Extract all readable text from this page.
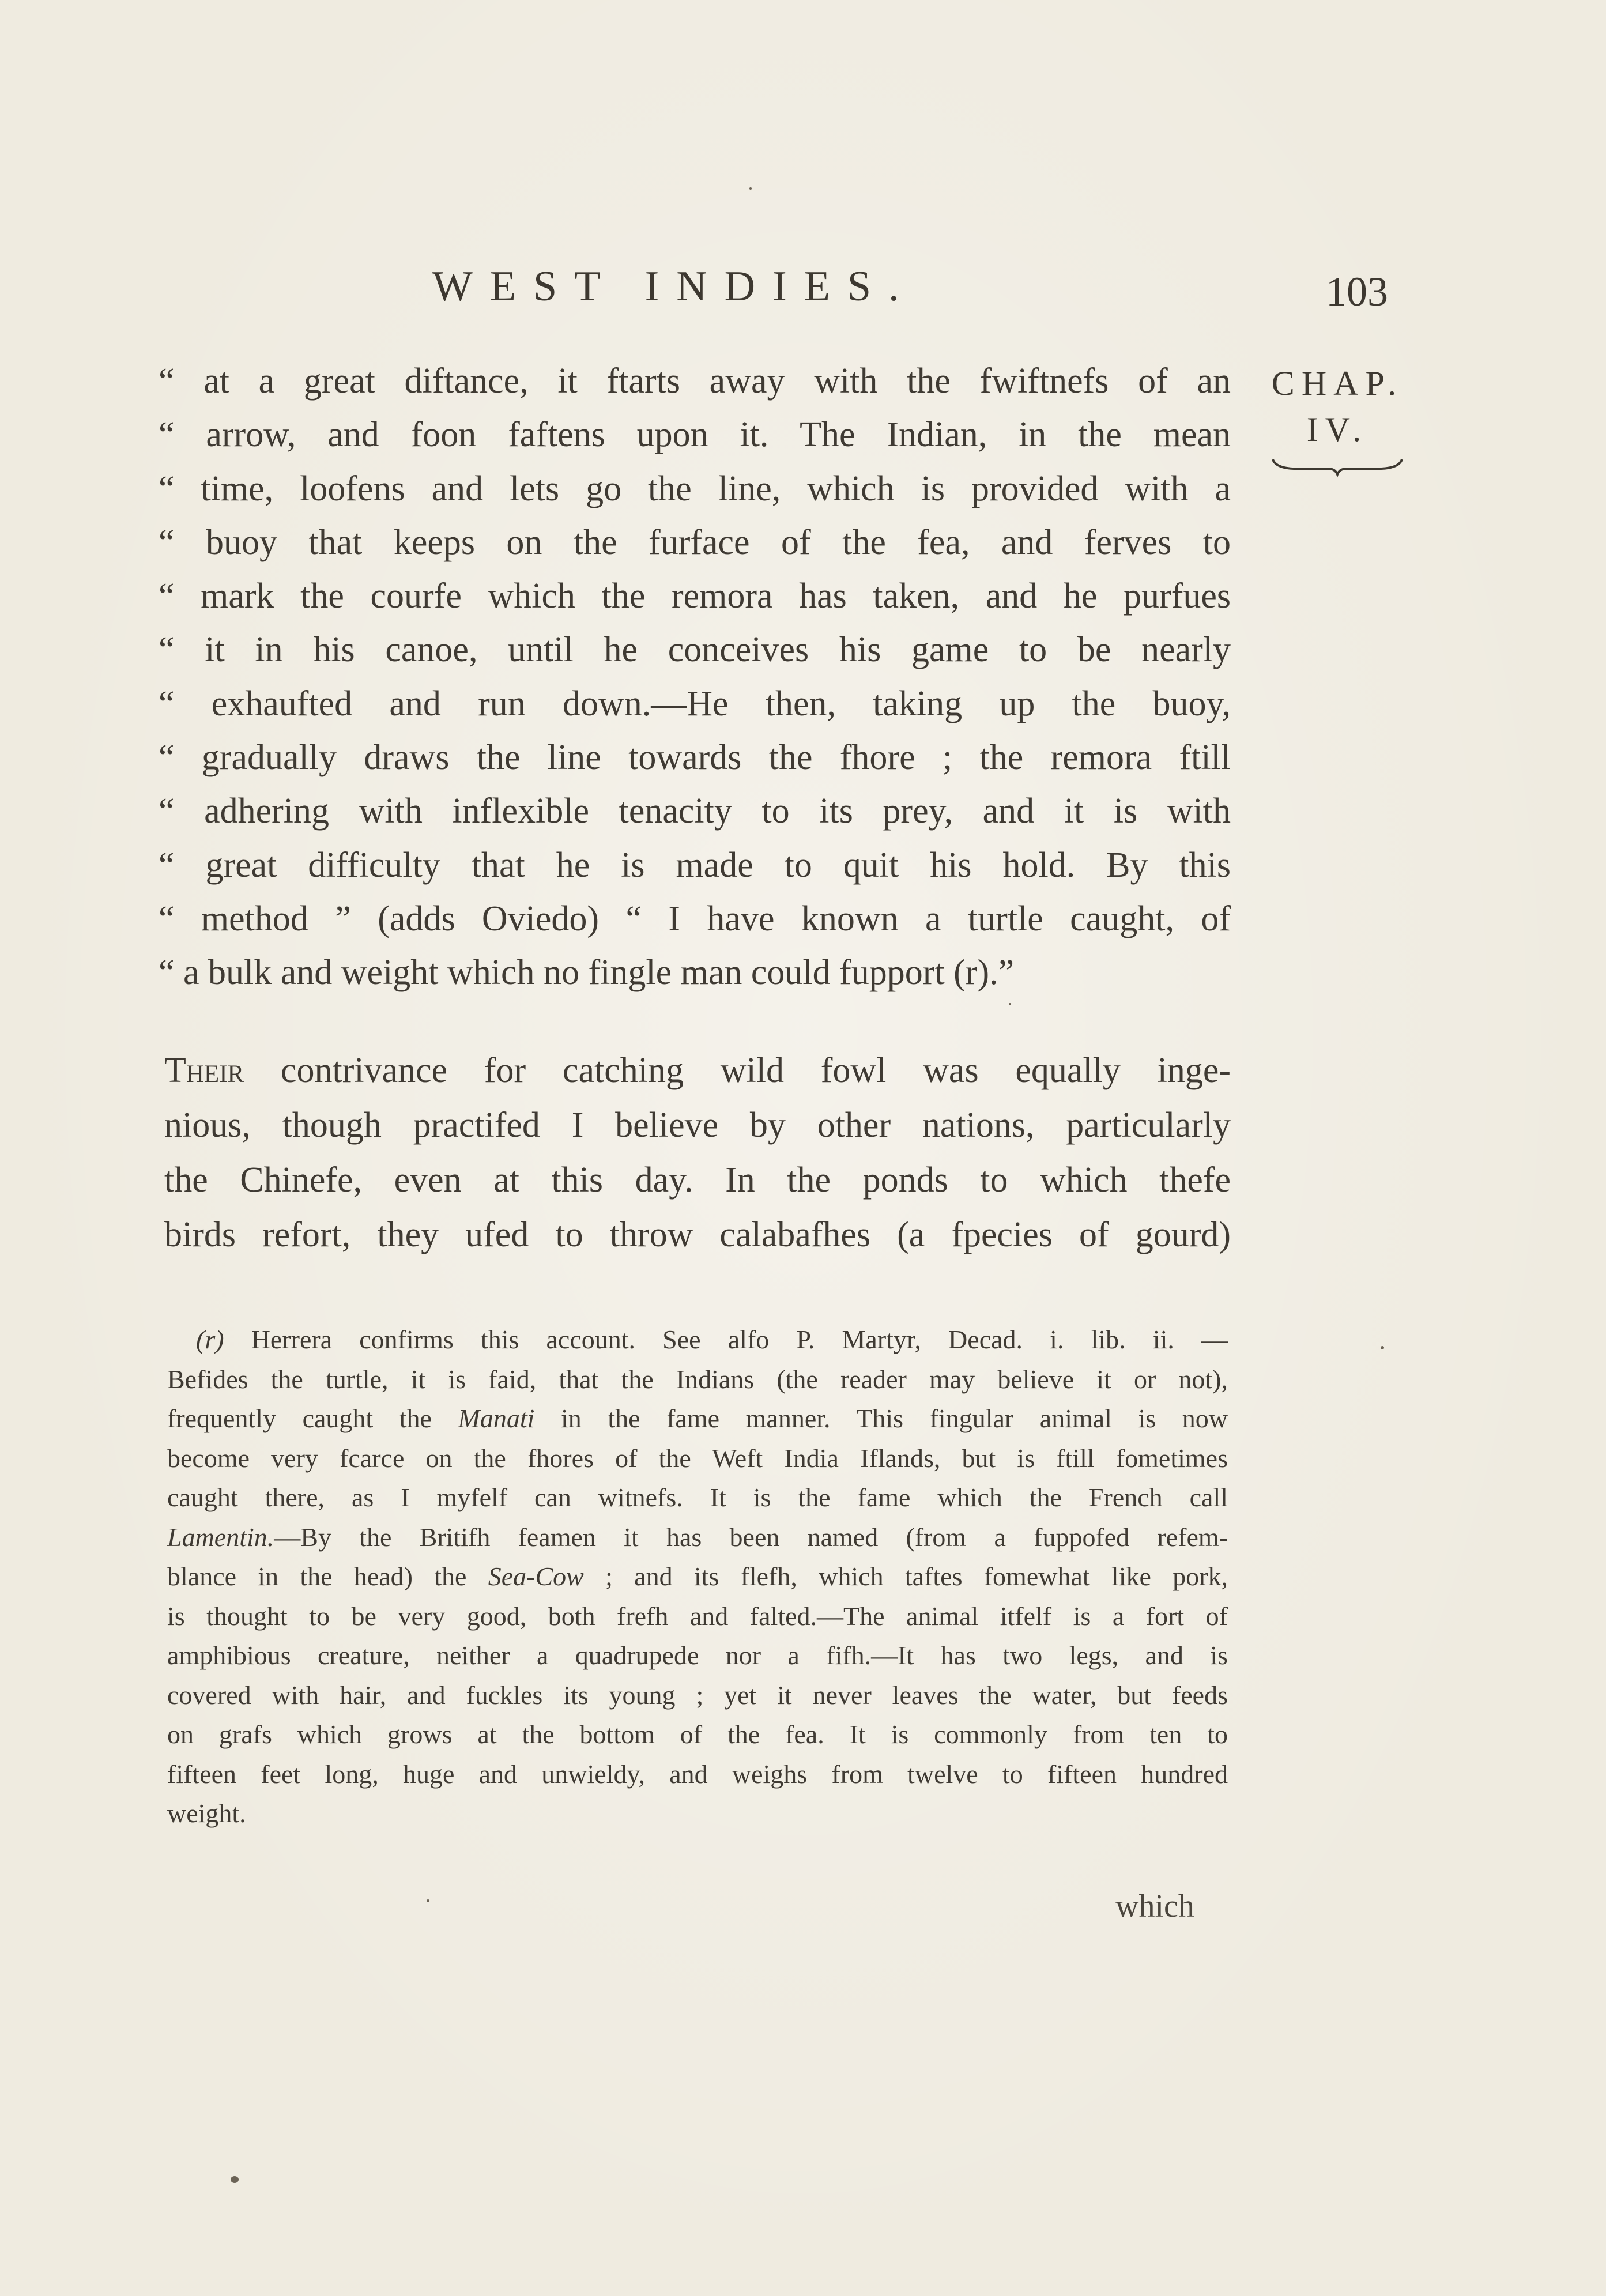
WEST INDIES.	103
CHAP.
IV.
“ at a great diftance, it ftarts away with the fwiftnefs of an
“ arrow, and foon faftens upon it. The Indian, in the mean
“ time, loofens and lets go the line, which is provided with a
“ buoy that keeps on the furface of the fea, and ferves to
“ mark the courfe which the remora has taken, and he purfues
“ it in his canoe, until he conceives his game to be nearly
“ exhaufted and run down.—He then, taking up the buoy,
“ gradually draws the line towards the fhore ; the remora ftill
“ adhering with inflexible tenacity to its prey, and it is with
“ great difficulty that he is made to quit his hold. By this
“ method ” (adds Oviedo) “ I have known a turtle caught, of
“ a bulk and weight which no fingle man could fupport (r).”
Their contrivance for catching wild fowl was equally inge-
nious, though practifed I believe by other nations, particularly
the Chinefe, even at this day. In the ponds to which thefe
birds refort, they ufed to throw calabafhes (a fpecies of gourd)
(r) Herrera confirms this account. See alfo P. Martyr, Decad. i. lib. ii. —
Befides the turtle, it is faid, that the Indians (the reader may believe it or not),
frequently caught the Manati in the fame manner. This fingular animal is now
become very fcarce on the fhores of the Weft India Iflands, but is ftill fometimes
caught there, as I myfelf can witnefs. It is the fame which the French call
Lamentin.—By the Britifh feamen it has been named (from a fuppofed refem-
blance in the head) the Sea-Cow ; and its flefh, which taftes fomewhat like pork,
is thought to be very good, both frefh and falted.—The animal itfelf is a fort of
amphibious creature, neither a quadrupede nor a fifh.—It has two legs, and is
covered with hair, and fuckles its young ; yet it never leaves the water, but feeds
on grafs which grows at the bottom of the fea. It is commonly from ten to
fifteen feet long, huge and unwieldy, and weighs from twelve to fifteen hundred
weight.
which
